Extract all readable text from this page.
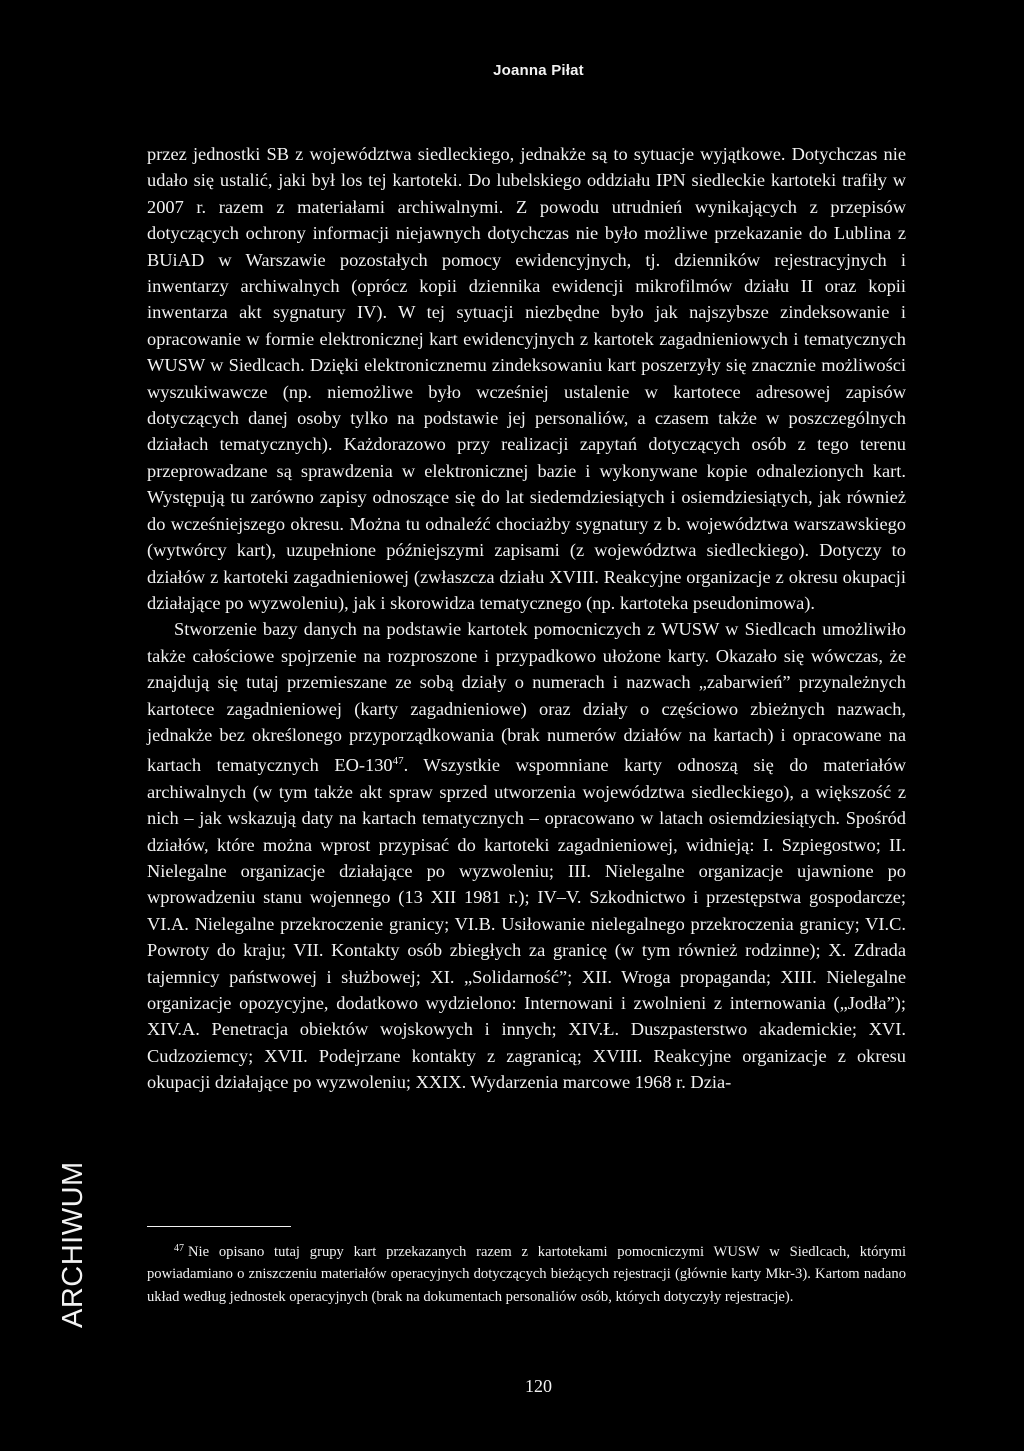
Joanna Piłat

przez jednostki SB z województwa siedleckiego, jednakże są to sytuacje wyjątkowe. Dotychczas nie udało się ustalić, jaki był los tej kartoteki. Do lubelskiego oddziału IPN siedleckie kartoteki trafiły w 2007 r. razem z materiałami archiwalnymi. Z powodu utrudnień wynikających z przepisów dotyczących ochrony informacji niejawnych dotychczas nie było możliwe przekazanie do Lublina z BUiAD w Warszawie pozostałych pomocy ewidencyjnych, tj. dzienników rejestracyjnych i inwentarzy archiwalnych (oprócz kopii dziennika ewidencji mikrofilmów działu II oraz kopii inwentarza akt sygnatury IV). W tej sytuacji niezbędne było jak najszybsze zindeksowanie i opracowanie w formie elektronicznej kart ewidencyjnych z kartotek zagadnieniowych i tematycznych WUSW w Siedlcach. Dzięki elektronicznemu zindeksowaniu kart poszerzyły się znacznie możliwości wyszukiwawcze (np. niemożliwe było wcześniej ustalenie w kartotece adresowej zapisów dotyczących danej osoby tylko na podstawie jej personaliów, a czasem także w poszczególnych działach tematycznych). Każdorazowo przy realizacji zapytań dotyczących osób z tego terenu przeprowadzane są sprawdzenia w elektronicznej bazie i wykonywane kopie odnalezionych kart. Występują tu zarówno zapisy odnoszące się do lat siedemdziesiątych i osiemdziesiątych, jak również do wcześniejszego okresu. Można tu odnaleźć chociażby sygnatury z b. województwa warszawskiego (wytwórcy kart), uzupełnione późniejszymi zapisami (z województwa siedleckiego). Dotyczy to działów z kartoteki zagadnieniowej (zwłaszcza działu XVIII. Reakcyjne organizacje z okresu okupacji działające po wyzwoleniu), jak i skorowidza tematycznego (np. kartoteka pseudonimowa).

Stworzenie bazy danych na podstawie kartotek pomocniczych z WUSW w Siedlcach umożliwiło także całościowe spojrzenie na rozproszone i przypadkowo ułożone karty. Okazało się wówczas, że znajdują się tutaj przemieszane ze sobą działy o numerach i nazwach „zabarwień” przynależnych kartotece zagadnieniowej (karty zagadnieniowe) oraz działy o częściowo zbieżnych nazwach, jednakże bez określonego przyporządkowania (brak numerów działów na kartach) i opracowane na kartach tematycznych $EO-130^{47}$. Wszystkie wspomniane karty odnoszą się do materiałów archiwalnych (w tym także akt spraw sprzed utworzenia województwa siedleckiego), a większość z nich – jak wskazują daty na kartach tematycznych – opracowano w latach osiemdziesiątych. Spośród działów, które można wprost przypisać do kartoteki zagadnieniowej, widnieją: I. Szpiegostwo; II. Nielegalne organizacje działające po wyzwoleniu; III. Nielegalne organizacje ujawnione po wprowadzeniu stanu wojennego (13 XII 1981 r.); IV–V. Szkodnictwo i przestępstwa gospodarcze; VI.A. Nielegalne przekroczenie granicy; VI.B. Usiłowanie nielegalnego przekroczenia granicy; VI.C. Powroty do kraju; VII. Kontakty osób zbiegłych za granicę (w tym również rodzinne); X. Zdrada tajemnicy państwowej i służbowej; XI. „Solidarność”; XII. Wroga propaganda; XIII. Nielegalne organizacje opozycyjne, dodatkowo wydzielono: Internowani i zwolnieni z internowania („Jodła”); XIV.A. Penetracja obiektów wojskowych i innych; XIV.Ł. Duszpasterstwo akademickie; XVI. Cudzoziemcy; XVII. Podejrzane kontakty z zagranicą; XVIII. Reakcyjne organizacje z okresu okupacji działające po wyzwoleniu; XXIX. Wydarzenia marcowe 1968 r. Dzia-

$^{47}$ Nie opisano tutaj grupy kart przekazanych razem z kartotekami pomocniczymi WUSW w Siedlcach, którymi powiadamiano o zniszczeniu materiałów operacyjnych dotyczących bieżących rejestracji (głównie karty Mkr-3). Kartom nadano układ według jednostek operacyjnych (brak na dokumentach personaliów osób, których dotyczyły rejestracje).
ARCHIWUM
120
